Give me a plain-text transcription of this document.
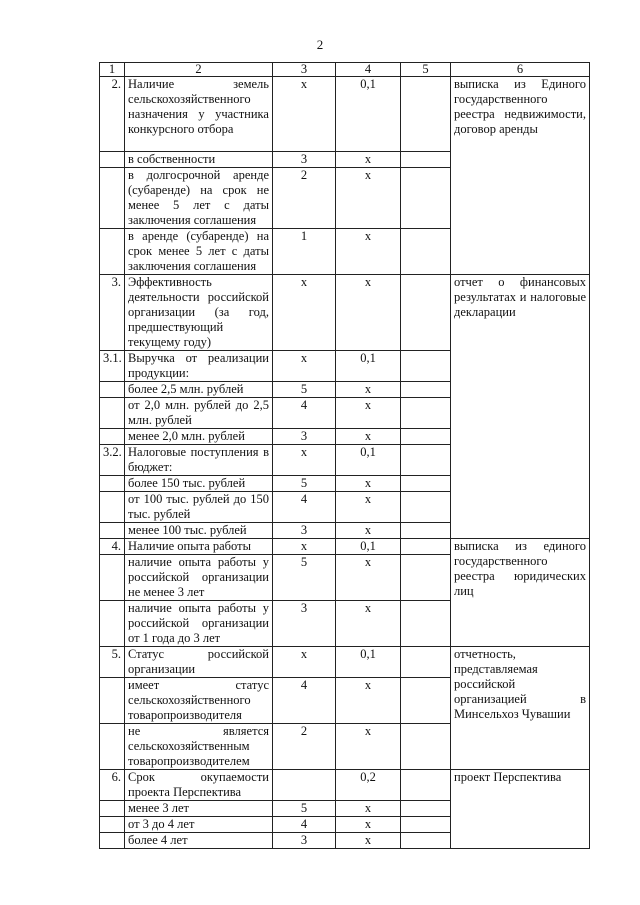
2
1	2	3	4	5	6
2.	Наличие земель сельскохозяйственного назначения у участника конкурсного отбора	х	0,1		выписка из Единого государственного реестра недвижимости, договор аренды
	в собственности	3	х		
	в долгосрочной аренде (субаренде) на срок не менее 5 лет с даты заключения соглашения	2	х		
	в аренде (субаренде) на срок менее 5 лет с даты заключения соглашения	1	х		
3.	Эффективность деятельности российской организации (за год, предшествующий текущему году)	х	х		отчет о финансовых результатах и налоговые декларации
3.1.	Выручка от реализации продукции:	х	0,1		
	более 2,5 млн. рублей	5	х		
	от 2,0 млн. рублей до 2,5 млн. рублей	4	х		
	менее 2,0 млн. рублей	3	х		
3.2.	Налоговые поступления в бюджет:	х	0,1		
	более 150 тыс. рублей	5	х		
	от 100 тыс. рублей до 150 тыс. рублей	4	х		
	менее 100 тыс. рублей	3	х		
4.	Наличие опыта работы	х	0,1		выписка из единого государственного реестра юридических лиц
	наличие опыта работы у российской организации не менее 3 лет	5	х		
	наличие опыта работы у российской организации от 1 года до 3 лет	3	х		
5.	Статус российской организации	х	0,1		отчетность, представляемая российской организацией в Минсельхоз Чувашии
	имеет статус сельскохозяйственного товаропроизводителя	4	х		
	не является сельскохозяйственным товаропроизводителем	2	х		
6.	Срок окупаемости проекта Перспектива		0,2		проект Перспектива
	менее 3 лет	5	х		
	от 3 до 4 лет	4	х		
	более 4 лет	3	х		
